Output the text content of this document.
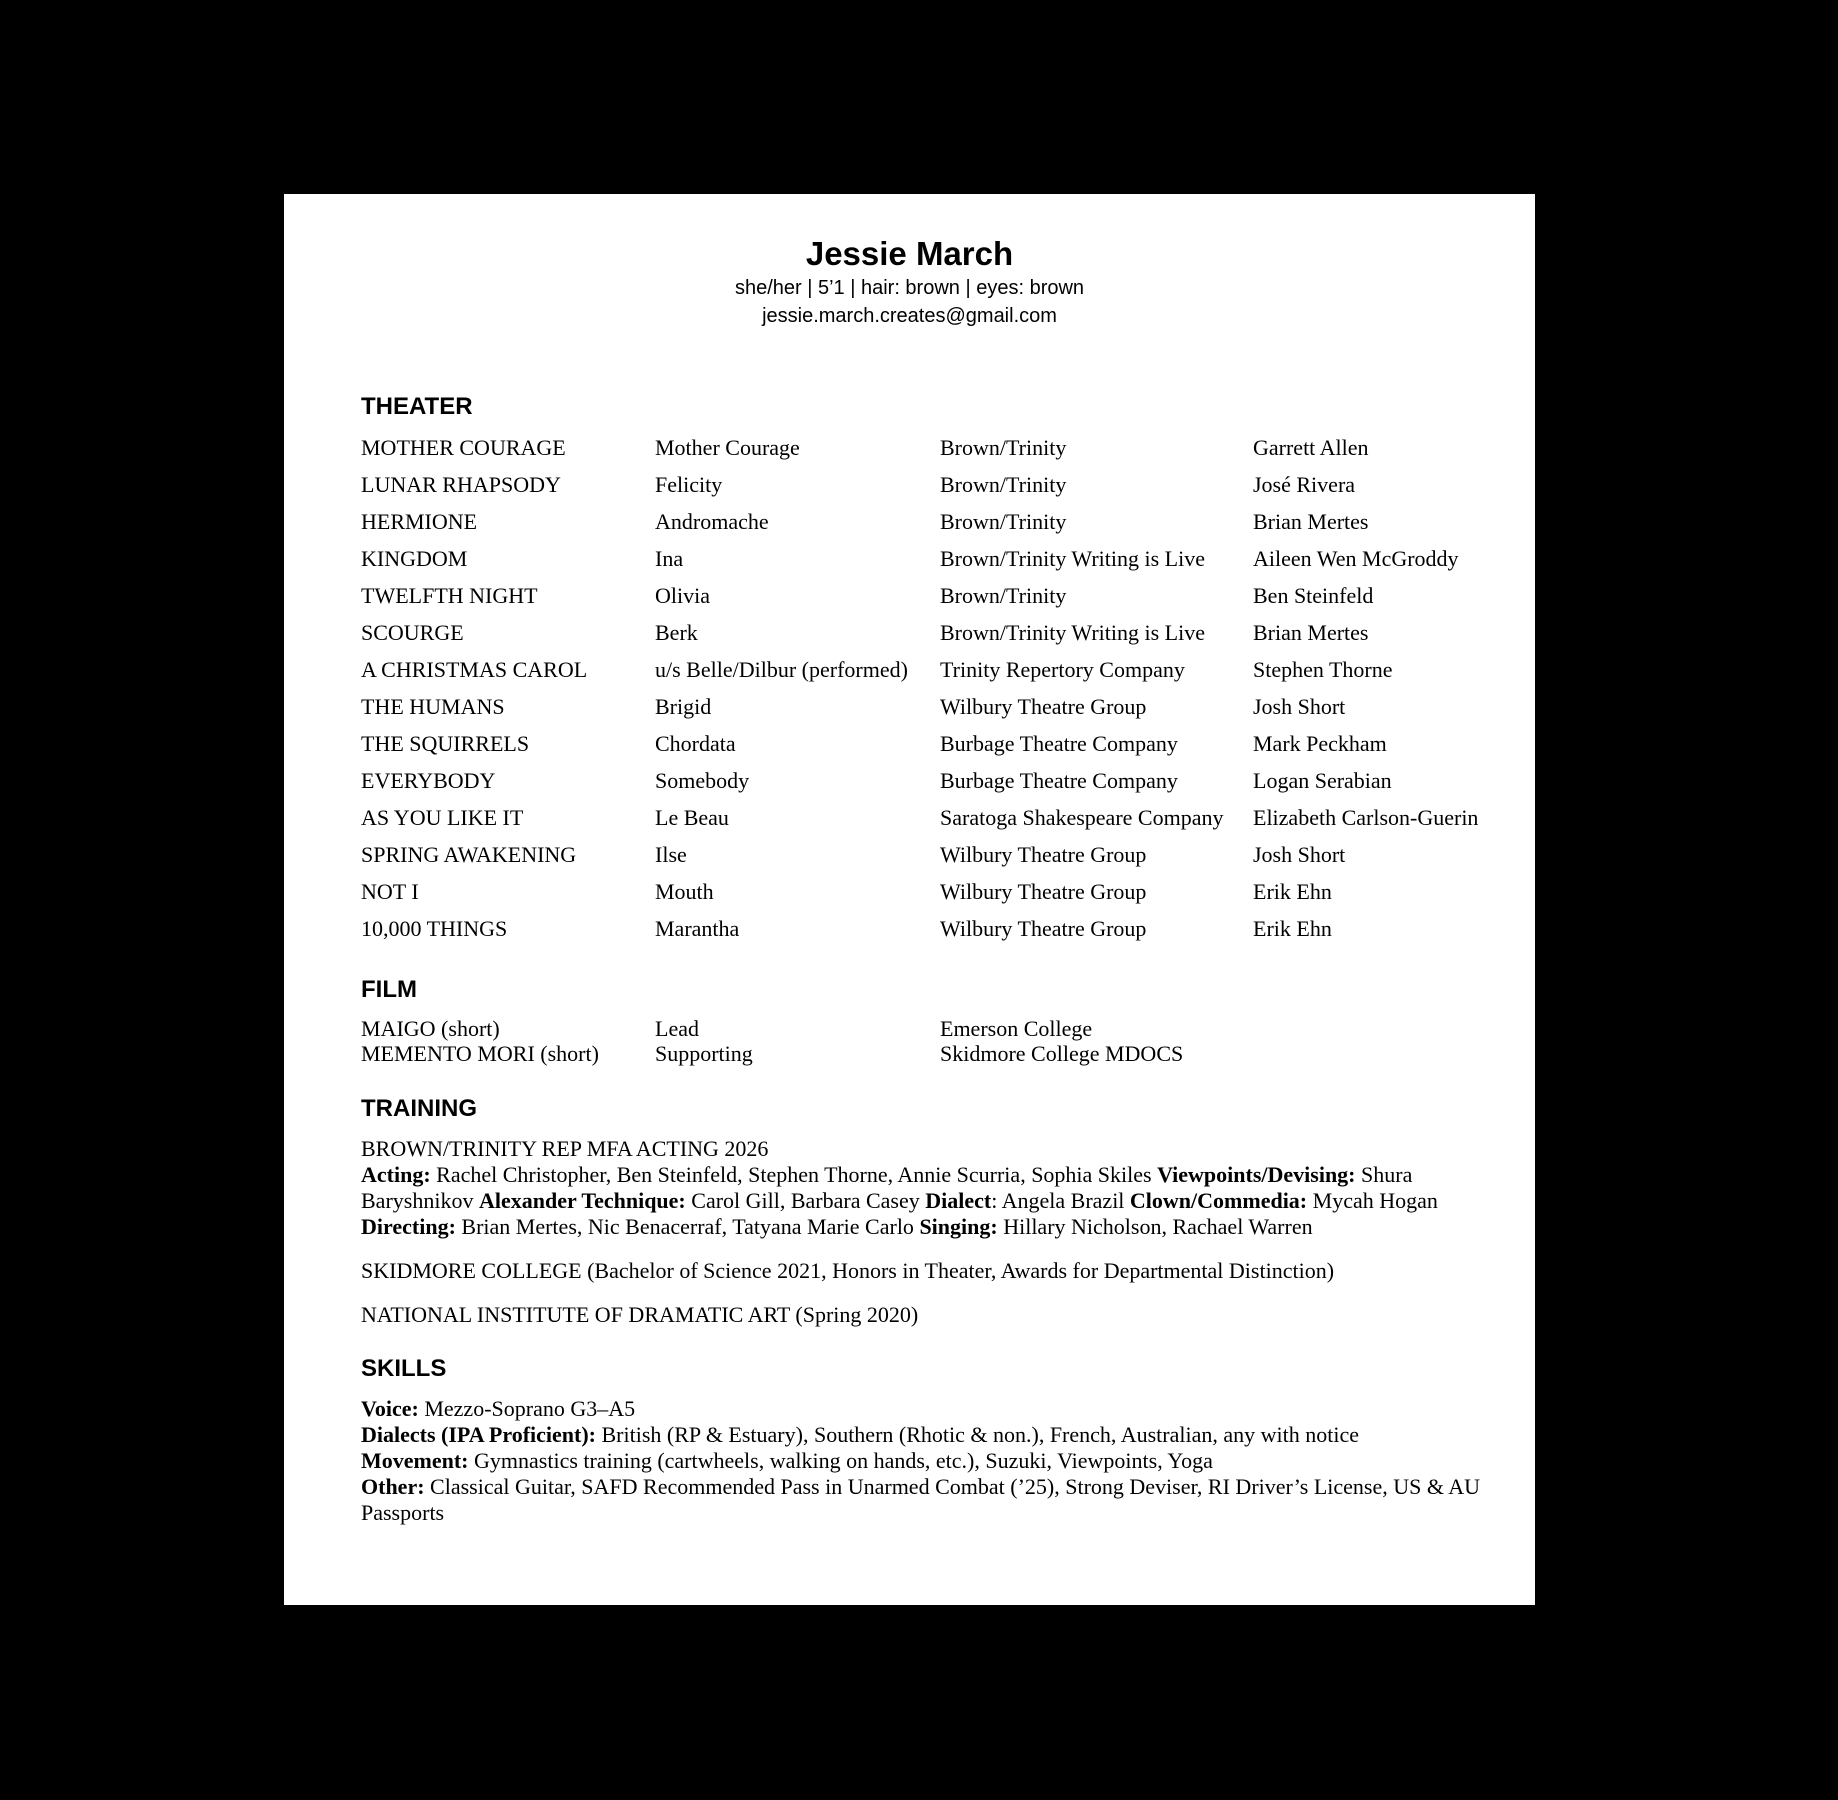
Jessie March

she/her | 5’1 | hair: brown | eyes: brown

jessie.march.creates@gmail.com

THEATER
MOTHER COURAGE	Mother Courage	Brown/Trinity	Garrett Allen
LUNAR RHAPSODY	Felicity	Brown/Trinity	José Rivera
HERMIONE	Andromache	Brown/Trinity	Brian Mertes
KINGDOM	Ina	Brown/Trinity Writing is Live	Aileen Wen McGroddy
TWELFTH NIGHT	Olivia	Brown/Trinity	Ben Steinfeld
SCOURGE	Berk	Brown/Trinity Writing is Live	Brian Mertes
A CHRISTMAS CAROL	u/s Belle/Dilbur (performed)	Trinity Repertory Company	Stephen Thorne
THE HUMANS	Brigid	Wilbury Theatre Group	Josh Short
THE SQUIRRELS	Chordata	Burbage Theatre Company	Mark Peckham
EVERYBODY	Somebody	Burbage Theatre Company	Logan Serabian
AS YOU LIKE IT	Le Beau	Saratoga Shakespeare Company	Elizabeth Carlson-Guerin
SPRING AWAKENING	Ilse	Wilbury Theatre Group	Josh Short
NOT I	Mouth	Wilbury Theatre Group	Erik Ehn
10,000 THINGS	Marantha	Wilbury Theatre Group	Erik Ehn
FILM
MAIGO (short)	Lead	Emerson College
MEMENTO MORI (short)	Supporting	Skidmore College MDOCS
TRAINING

BROWN/TRINITY REP MFA ACTING 2026

Acting: Rachel Christopher, Ben Steinfeld, Stephen Thorne, Annie Scurria, Sophia Skiles Viewpoints/Devising: Shura Baryshnikov Alexander Technique: Carol Gill, Barbara Casey Dialect: Angela Brazil Clown/Commedia: Mycah Hogan
Directing: Brian Mertes, Nic Benacerraf, Tatyana Marie Carlo Singing: Hillary Nicholson, Rachael Warren

SKIDMORE COLLEGE (Bachelor of Science 2021, Honors in Theater, Awards for Departmental Distinction)

NATIONAL INSTITUTE OF DRAMATIC ART (Spring 2020)

SKILLS

Voice: Mezzo-Soprano G3–A5

Dialects (IPA Proficient): British (RP & Estuary), Southern (Rhotic & non.), French, Australian, any with notice

Movement: Gymnastics training (cartwheels, walking on hands, etc.), Suzuki, Viewpoints, Yoga

Other: Classical Guitar, SAFD Recommended Pass in Unarmed Combat (’25), Strong Deviser, RI Driver’s License, US & AU Passports
